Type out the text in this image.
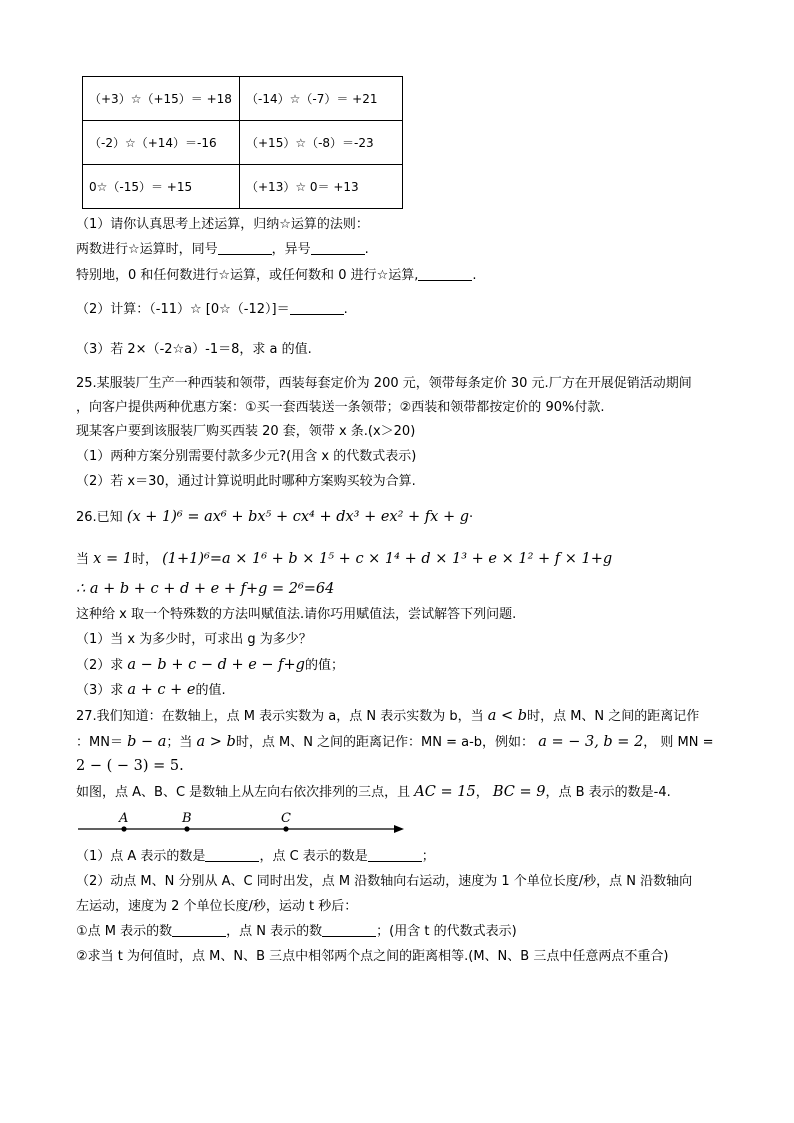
（+3）☆（+15）＝ +18	（-14）☆（-7）＝ +21
（-2）☆（+14）＝-16	（+15）☆（-8）＝-23
0☆（-15）＝ +15	（+13）☆ 0＝ +13
（1）请你认真思考上述运算，归纳☆运算的法则：
两数进行☆运算时，同号	，异号	.
特别地，0 和任何数进行☆运算，或任何数和 0 进行☆运算,	.
（2）计算：（-11）☆ [0☆（-12）]＝	.
（3）若 2×（-2☆a）-1＝8，求 a 的值.
25.某服装厂生产一种西装和领带，西装每套定价为 200 元，领带每条定价 30 元.厂方在开展促销活动期间
，向客户提供两种优惠方案：①买一套西装送一条领带；②西装和领带都按定价的 90%付款.
现某客户要到该服装厂购买西装 20 套，领带 x 条.(x＞20)
（1）两种方案分别需要付款多少元?(用含 x 的代数式表示)
（2）若 x＝30，通过计算说明此时哪种方案购买较为合算.
26.已知 (x + 1)⁶ = ax⁶ + bx⁵ + cx⁴ + dx³ + ex² + fx + g·
当 x = 1时， (1+1)⁶=a × 1⁶ + b × 1⁵ + c × 1⁴ + d × 1³ + e × 1² + f × 1+g
∴ a + b + c + d + e + f+g = 2⁶=64
这种给 x 取一个特殊数的方法叫赋值法.请你巧用赋值法，尝试解答下列问题.
（1）当 x 为多少时，可求出 g 为多少？
（2）求 a − b + c − d + e − f+g的值；
（3）求 a + c + e的值.
27.我们知道：在数轴上，点 M 表示实数为 a，点 N 表示实数为 b，当 a < b时，点 M、N 之间的距离记作
：MN＝ b − a；当 a > b时，点 M、N 之间的距离记作：MN = a-b，例如： a = − 3, b = 2， 则 MN =
2 − ( − 3) = 5.
如图，点 A、B、C 是数轴上从左向右依次排列的三点，且 AC = 15， BC = 9，点 B 表示的数是-4.
A	B	C
（1）点 A 表示的数是	，点 C 表示的数是	；
（2）动点 M、N 分别从 A、C 同时出发，点 M 沿数轴向右运动，速度为 1 个单位长度/秒，点 N 沿数轴向
左运动，速度为 2 个单位长度/秒，运动 t 秒后：
①点 M 表示的数	，点 N 表示的数	；(用含 t 的代数式表示)
②求当 t 为何值时，点 M、N、B 三点中相邻两个点之间的距离相等.(M、N、B 三点中任意两点不重合)
